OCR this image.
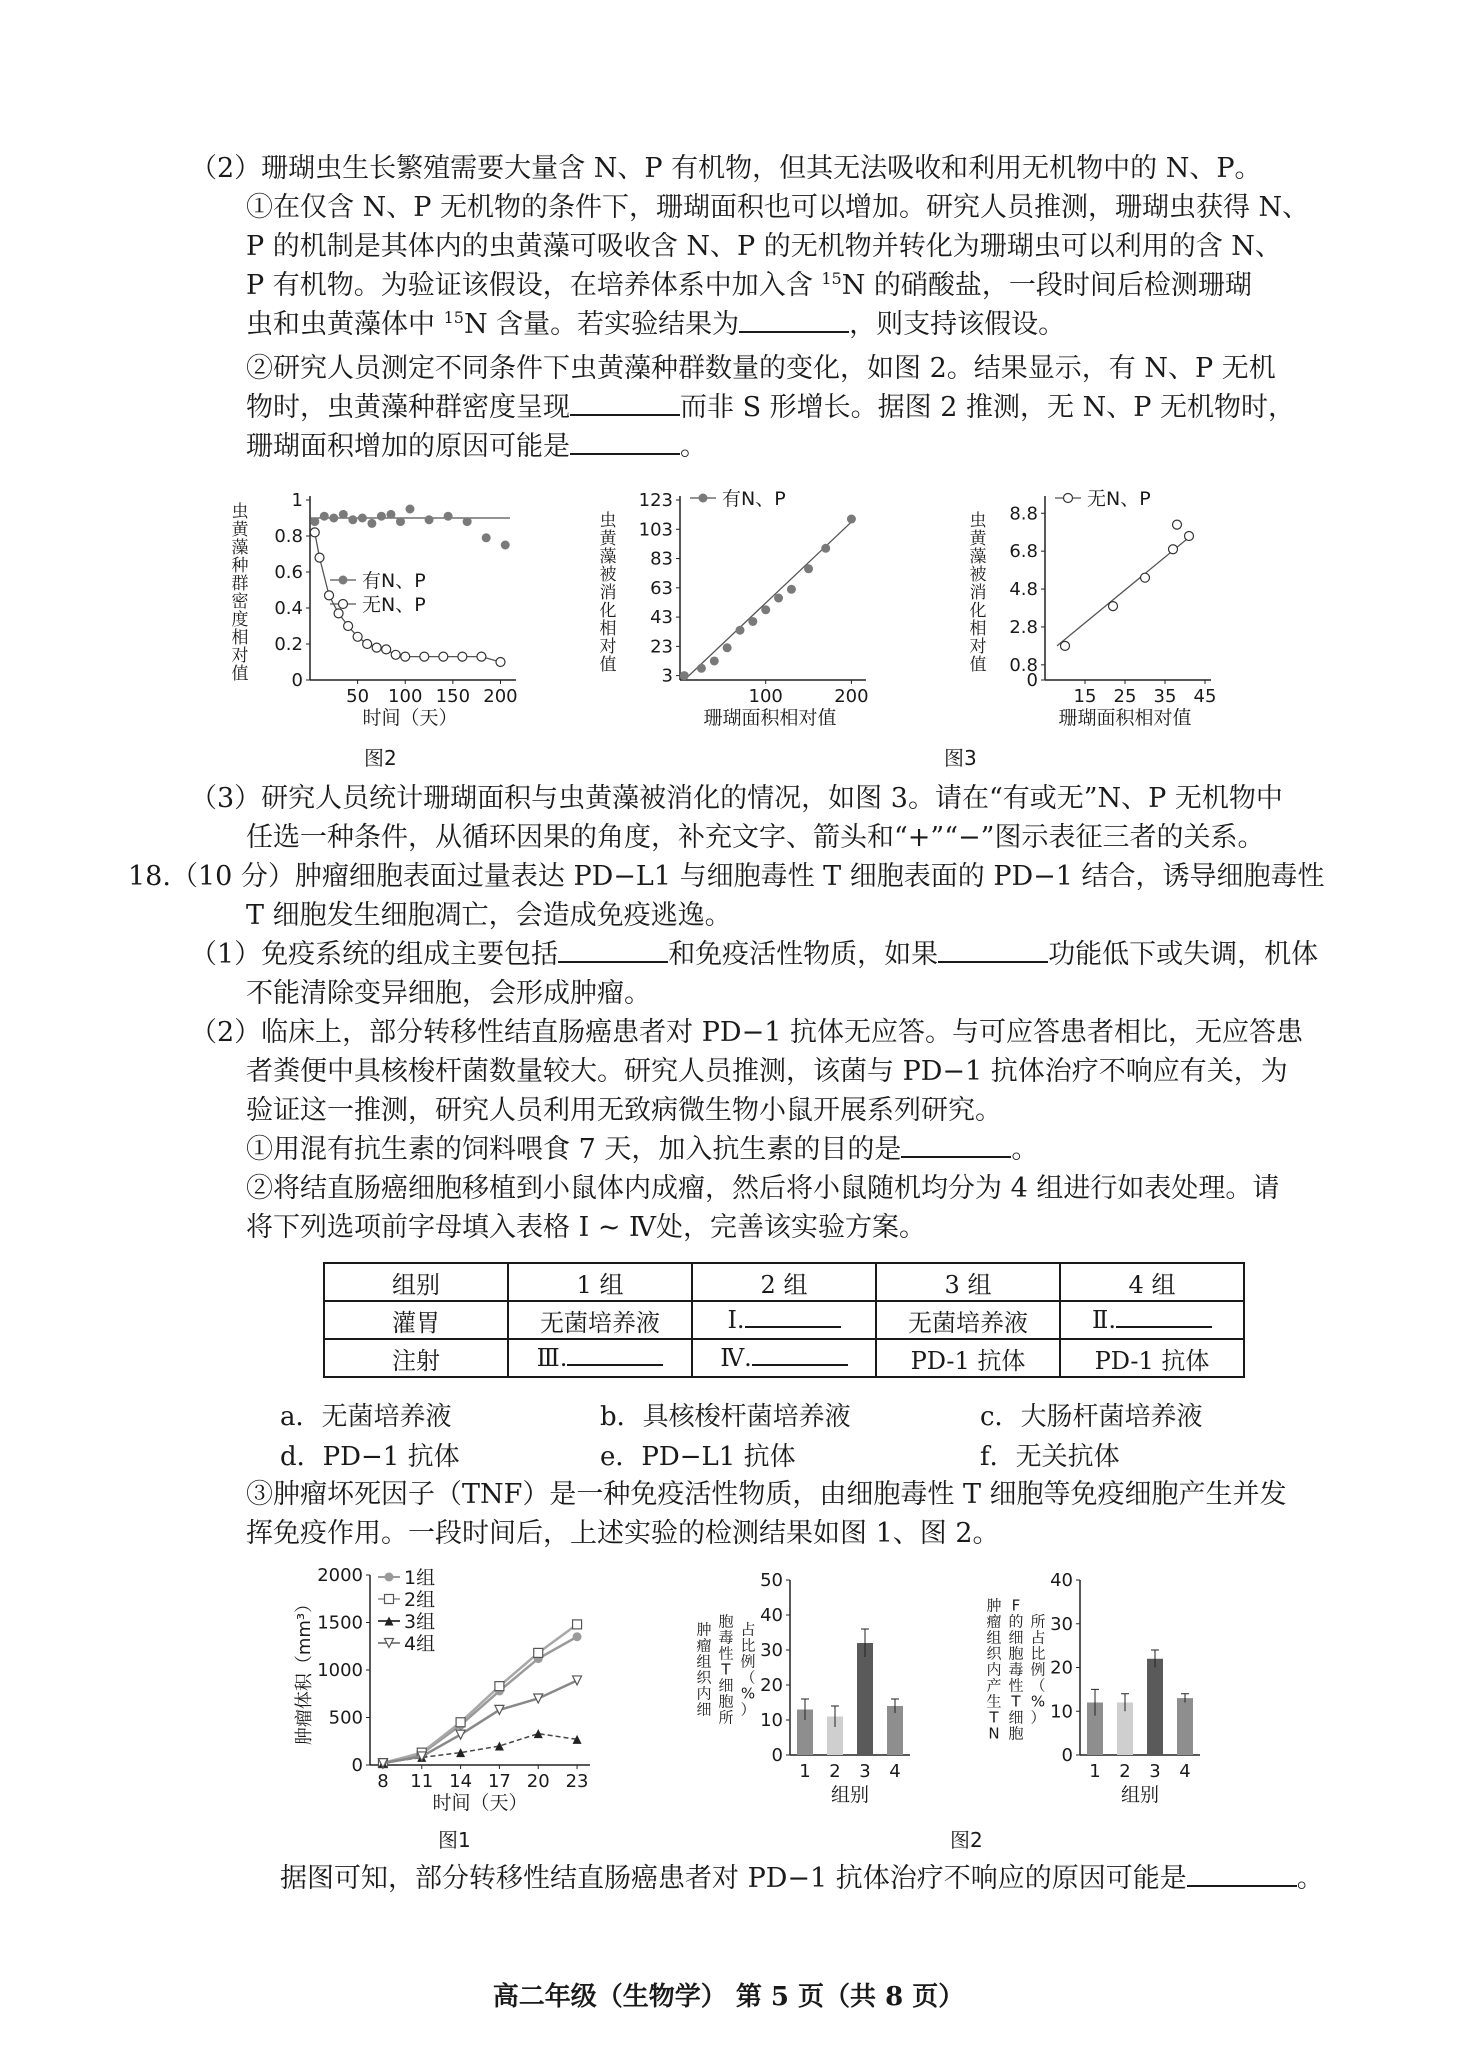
（2）珊瑚虫生长繁殖需要大量含 N、P 有机物，但其无法吸收和利用无机物中的 N、P。
①在仅含 N、P 无机物的条件下，珊瑚面积也可以增加。研究人员推测，珊瑚虫获得 N、
P 的机制是其体内的虫黄藻可吸收含 N、P 的无机物并转化为珊瑚虫可以利用的含 N、
P 有机物。为验证该假设，在培养体系中加入含 $^{15}$N 的硝酸盐，一段时间后检测珊瑚
虫和虫黄藻体中 $^{15}$N 含量。若实验结果为	，则支持该假设。
②研究人员测定不同条件下虫黄藻种群数量的变化，如图 2。结果显示，有 N、P 无机
物时，虫黄藻种群密度呈现	而非 S 形增长。据图 2 推测，无 N、P 无机物时，
珊瑚面积增加的原因可能是	。
0
0.2
0.4
0.6
0.8
1
50 100 150 200
时间（天）
虫
黄
藻
种
群
密
度
相
对
值
有N、P
无N、P
3
23
43
63
83
103
123
100	200
珊瑚面积相对值
虫
黄
藻
被
消
化
相
对
值
有N、P
0
0.8
2.8
4.8
6.8
8.8
15 25 35 45
珊瑚面积相对值
虫
黄
藻
被
消
化
相
对
值
无N、P
图2	图3
（3）研究人员统计珊瑚面积与虫黄藻被消化的情况，如图 3。请在“有或无”N、P 无机物中
任选一种条件，从循环因果的角度，补充文字、箭头和“+”“−”图示表征三者的关系。
18.（10 分）肿瘤细胞表面过量表达 PD−L1 与细胞毒性 T 细胞表面的 PD−1 结合，诱导细胞毒性
T 细胞发生细胞凋亡，会造成免疫逃逸。
（1）免疫系统的组成主要包括	和免疫活性物质，如果	功能低下或失调，机体
不能清除变异细胞，会形成肿瘤。
（2）临床上，部分转移性结直肠癌患者对 PD−1 抗体无应答。与可应答患者相比，无应答患
者粪便中具核梭杆菌数量较大。研究人员推测，该菌与 PD−1 抗体治疗不响应有关，为
验证这一推测，研究人员利用无致病微生物小鼠开展系列研究。
①用混有抗生素的饲料喂食 7 天，加入抗生素的目的是	。
②将结直肠癌细胞移植到小鼠体内成瘤，然后将小鼠随机均分为 4 组进行如表处理。请
将下列选项前字母填入表格 Ⅰ ~ Ⅳ处，完善该实验方案。
组别	1 组	2 组	3 组	4 组
灌胃	无菌培养液	Ⅰ.	无菌培养液	Ⅱ.
注射	Ⅲ.	Ⅳ.	PD-1 抗体	PD-1 抗体
a．无菌培养液	b．具核梭杆菌培养液	c．大肠杆菌培养液
d．PD−1 抗体	e．PD−L1 抗体	f．无关抗体
③肿瘤坏死因子（TNF）是一种免疫活性物质，由细胞毒性 T 细胞等免疫细胞产生并发
挥免疫作用。一段时间后，上述实验的检测结果如图 1、图 2。
0
500
1000
1500
2000
8 11 14 17 20 23
时间（天）
肿瘤体积（mm³）
1组
2组
3组
4组
0
10
20
30
40
50
1 2 3 4
组别
肿
瘤
组
织
内
细
胞
毒
性
T
细
胞
所
占
比
例
（
%
）
0
10
20
30
40
1 2 3 4
组别
肿
瘤
组
织
内
产
生
T
N
F
的
细
胞
毒
性
T
细
胞
所
占
比
例
（
%
）
图1	图2
据图可知，部分转移性结直肠癌患者对 PD−1 抗体治疗不响应的原因可能是	。
高二年级（生物学） 第 5 页（共 8 页）
